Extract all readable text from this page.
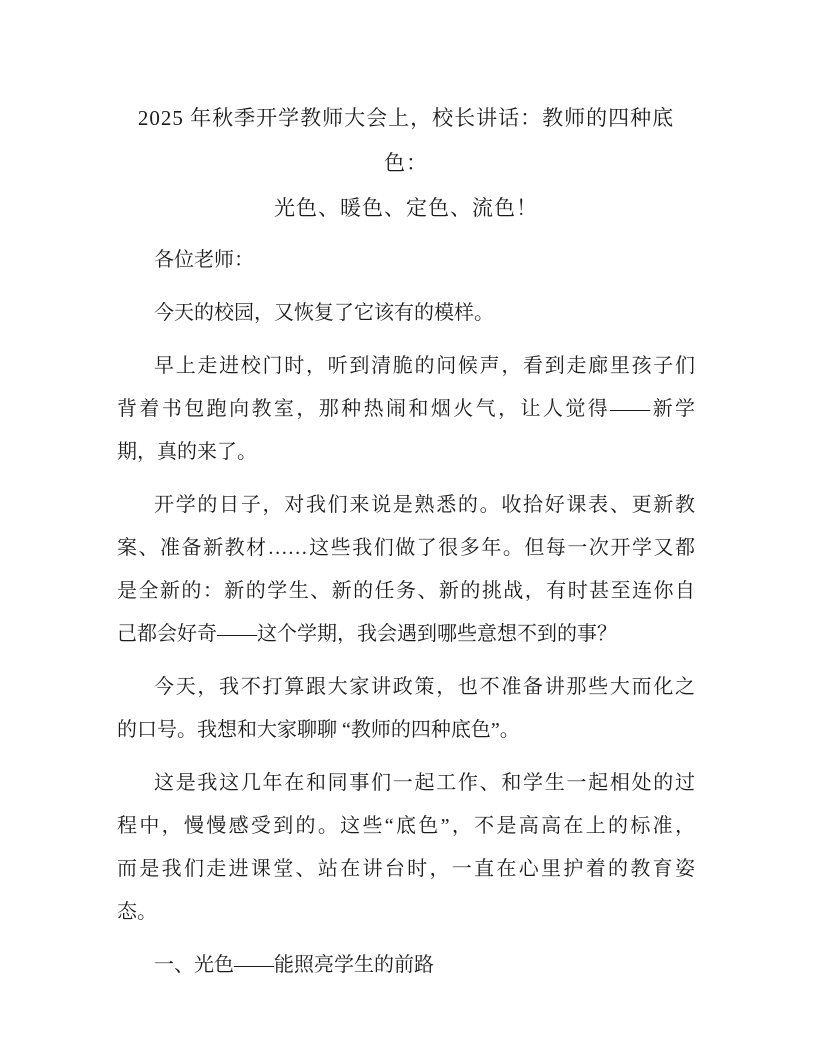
2025 年秋季开学教师大会上，校长讲话：教师的四种底色：
光色、暖色、定色、流色！

各位老师：

今天的校园，又恢复了它该有的模样。

早上走进校门时，听到清脆的问候声，看到走廊里孩子们
背着书包跑向教室，那种热闹和烟火气，让人觉得——新学
期，真的来了。

开学的日子，对我们来说是熟悉的。收拾好课表、更新教
案、准备新教材……这些我们做了很多年。但每一次开学又都
是全新的：新的学生、新的任务、新的挑战，有时甚至连你自
己都会好奇——这个学期，我会遇到哪些意想不到的事？

今天，我不打算跟大家讲政策，也不准备讲那些大而化之
的口号。我想和大家聊聊 “教师的四种底色”。

这是我这几年在和同事们一起工作、和学生一起相处的过
程中，慢慢感受到的。这些“底色”，不是高高在上的标准，
而是我们走进课堂、站在讲台时，一直在心里护着的教育姿
态。

一、光色——能照亮学生的前路
